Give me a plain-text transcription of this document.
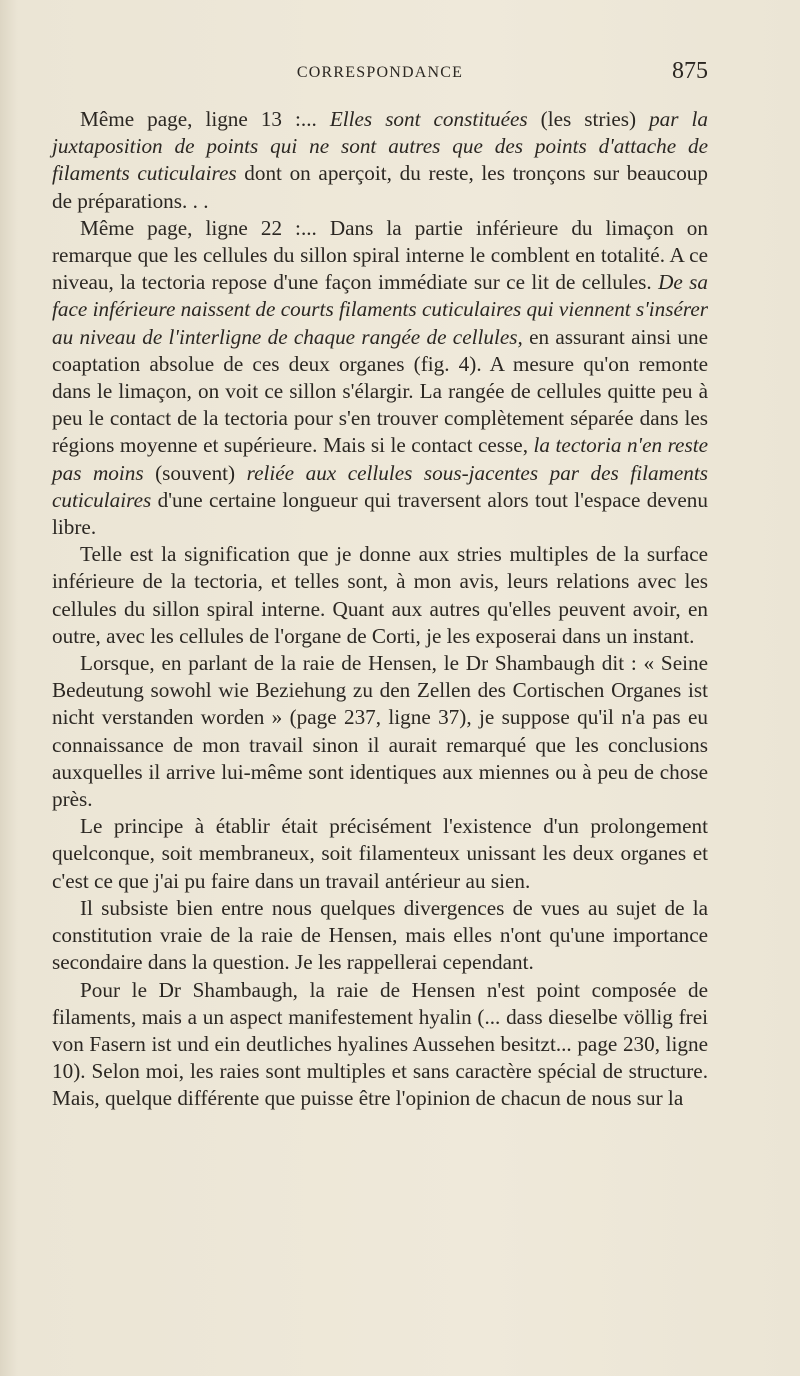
CORRESPONDANCE	875

Même page, ligne 13 :... Elles sont constituées (les stries) par la juxtaposition de points qui ne sont autres que des points d'attache de filaments cuticulaires dont on aperçoit, du reste, les tronçons sur beaucoup de préparations. . .

Même page, ligne 22 :... Dans la partie inférieure du limaçon on remarque que les cellules du sillon spiral interne le comblent en totalité. A ce niveau, la tectoria repose d'une façon immédiate sur ce lit de cellules. De sa face inférieure naissent de courts filaments cuticulaires qui viennent s'insérer au niveau de l'interligne de chaque rangée de cellules, en assurant ainsi une coaptation absolue de ces deux organes (fig. 4). A mesure qu'on remonte dans le limaçon, on voit ce sillon s'élargir. La rangée de cellules quitte peu à peu le contact de la tectoria pour s'en trouver complètement séparée dans les régions moyenne et supérieure. Mais si le contact cesse, la tectoria n'en reste pas moins (souvent) reliée aux cellules sous-jacentes par des filaments cuticulaires d'une certaine longueur qui traversent alors tout l'espace devenu libre.

Telle est la signification que je donne aux stries multiples de la surface inférieure de la tectoria, et telles sont, à mon avis, leurs relations avec les cellules du sillon spiral interne. Quant aux autres qu'elles peuvent avoir, en outre, avec les cellules de l'organe de Corti, je les exposerai dans un instant.

Lorsque, en parlant de la raie de Hensen, le Dr Shambaugh dit : « Seine Bedeutung sowohl wie Beziehung zu den Zellen des Cortischen Organes ist nicht verstanden worden » (page 237, ligne 37), je suppose qu'il n'a pas eu connaissance de mon travail sinon il aurait remarqué que les conclusions auxquelles il arrive lui-même sont identiques aux miennes ou à peu de chose près.

Le principe à établir était précisément l'existence d'un prolongement quelconque, soit membraneux, soit filamenteux unissant les deux organes et c'est ce que j'ai pu faire dans un travail antérieur au sien.

Il subsiste bien entre nous quelques divergences de vues au sujet de la constitution vraie de la raie de Hensen, mais elles n'ont qu'une importance secondaire dans la question. Je les rappellerai cependant.

Pour le Dr Shambaugh, la raie de Hensen n'est point composée de filaments, mais a un aspect manifestement hyalin (... dass dieselbe völlig frei von Fasern ist und ein deutliches hyalines Aussehen besitzt... page 230, ligne 10). Selon moi, les raies sont multiples et sans caractère spécial de structure. Mais, quelque différente que puisse être l'opinion de chacun de nous sur la
